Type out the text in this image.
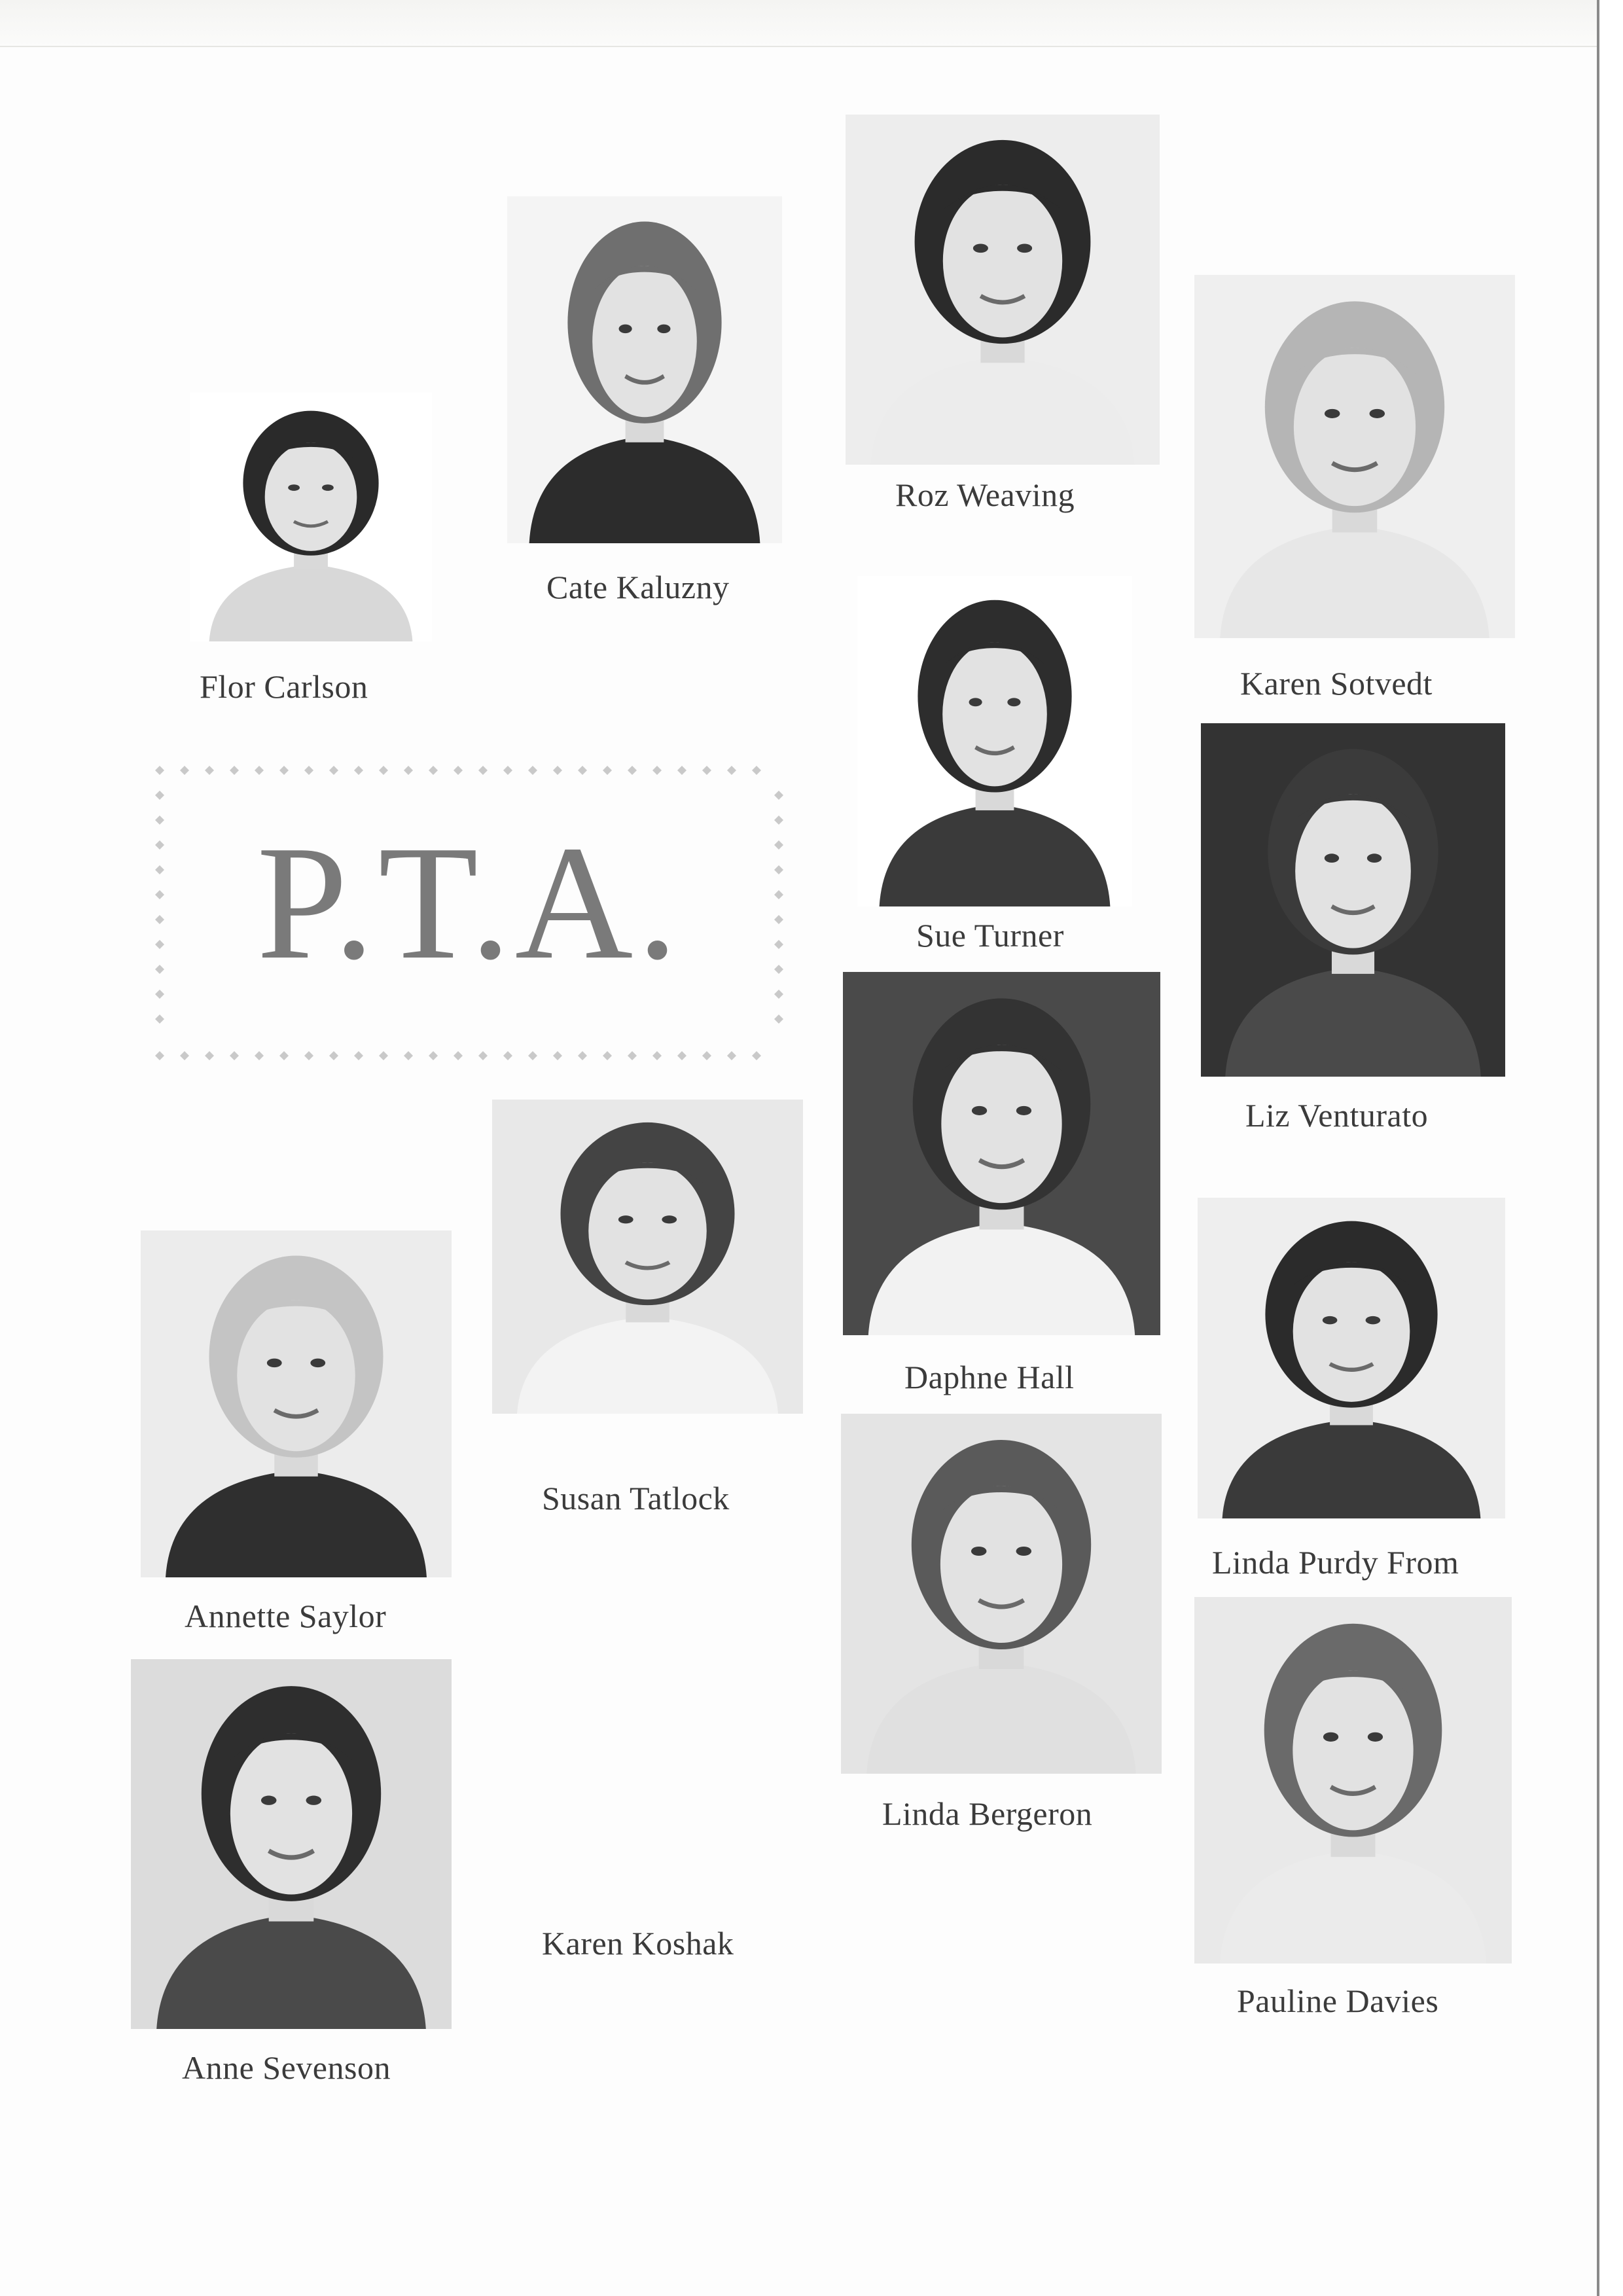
P.T.A.
Flor Carlson
Cate Kaluzny
Roz Weaving
Karen Sotvedt
Sue Turner
Liz Venturato
Daphne Hall
Susan Tatlock
Annette Saylor
Linda Purdy From
Linda Bergeron
Pauline Davies
Anne Sevenson
Karen Koshak
